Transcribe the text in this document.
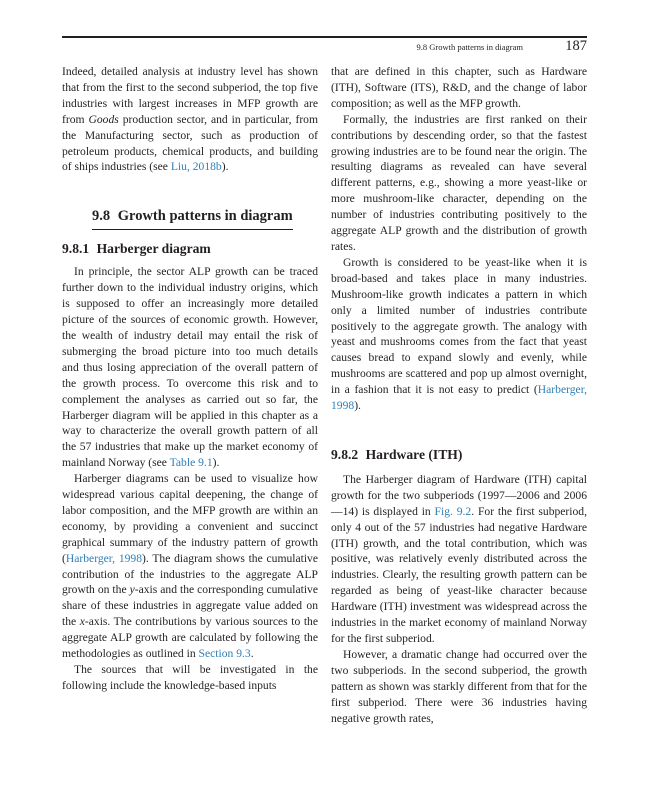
9.8 Growth patterns in diagram	187

Indeed, detailed analysis at industry level has shown that from the first to the second subperiod, the top five industries with largest increases in MFP growth are from Goods production sector, and in particular, from the Manufacturing sector, such as production of petroleum products, chemical products, and building of ships industries (see Liu, 2018b).

9.8 Growth patterns in diagram
9.8.1 Harberger diagram

In principle, the sector ALP growth can be traced further down to the individual industry origins, which is supposed to offer an increasingly more detailed picture of the sources of economic growth. However, the wealth of industry detail may entail the risk of submerging the broad picture into too much details and thus losing appreciation of the overall pattern of the growth process. To overcome this risk and to complement the analyses as carried out so far, the Harberger diagram will be applied in this chapter as a way to characterize the overall growth pattern of all the 57 industries that make up the market economy of mainland Norway (see Table 9.1).

Harberger diagrams can be used to visualize how widespread various capital deepening, the change of labor composition, and the MFP growth are within an economy, by providing a convenient and succinct graphical summary of the industry pattern of growth (Harberger, 1998). The diagram shows the cumulative contribution of the industries to the aggregate ALP growth on the y-axis and the corresponding cumulative share of these industries in aggregate value added on the x-axis. The contributions by various sources to the aggregate ALP growth are calculated by following the methodologies as outlined in Section 9.3.

The sources that will be investigated in the following include the knowledge-based inputs

that are defined in this chapter, such as Hardware (ITH), Software (ITS), R&D, and the change of labor composition; as well as the MFP growth.

Formally, the industries are first ranked on their contributions by descending order, so that the fastest growing industries are to be found near the origin. The resulting diagrams as revealed can have several different patterns, e.g., showing a more yeast-like or more mushroom-like character, depending on the number of industries contributing positively to the aggregate ALP growth and the distribution of growth rates.

Growth is considered to be yeast-like when it is broad-based and takes place in many industries. Mushroom-like growth indicates a pattern in which only a limited number of industries contribute positively to the aggregate growth. The analogy with yeast and mushrooms comes from the fact that yeast causes bread to expand slowly and evenly, while mushrooms are scattered and pop up almost overnight, in a fashion that it is not easy to predict (Harberger, 1998).

9.8.2 Hardware (ITH)

The Harberger diagram of Hardware (ITH) capital growth for the two subperiods (1997—2006 and 2006—14) is displayed in Fig. 9.2. For the first subperiod, only 4 out of the 57 industries had negative Hardware (ITH) growth, and the total contribution, which was positive, was relatively evenly distributed across the industries. Clearly, the resulting growth pattern can be regarded as being of yeast-like character because Hardware (ITH) investment was widespread across the industries in the market economy of mainland Norway for the first subperiod.

However, a dramatic change had occurred over the two subperiods. In the second subperiod, the growth pattern as shown was starkly different from that for the first subperiod. There were 36 industries having negative growth rates,
